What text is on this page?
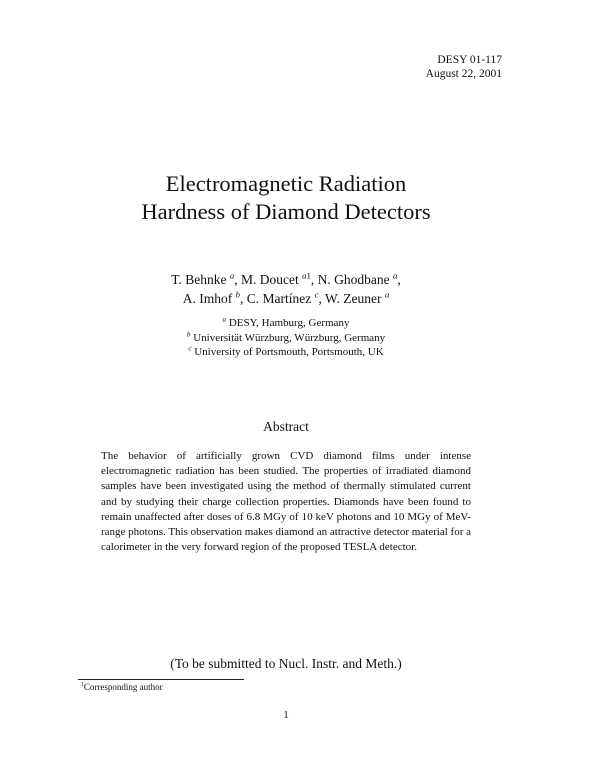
DESY 01-117
August 22, 2001
Electromagnetic Radiation
Hardness of Diamond Detectors
T. Behnke $^a$, M. Doucet $^{a1}$, N. Ghodbane $^a$,
A. Imhof $^b$, C. Martínez $^c$, W. Zeuner $^a$
$^a$ DESY, Hamburg, Germany
$^b$ Universität Würzburg, Würzburg, Germany
$^c$ University of Portsmouth, Portsmouth, UK
Abstract
The behavior of artificially grown CVD diamond films under intense electromagnetic radiation has been studied. The properties of irradiated diamond samples have been investigated using the method of thermally stimulated current and by studying their charge collection properties. Diamonds have been found to remain unaffected after doses of 6.8 MGy of 10 keV photons and 10 MGy of MeV-range photons. This observation makes diamond an attractive detector material for a calorimeter in the very forward region of the proposed TESLA detector.
(To be submitted to Nucl. Instr. and Meth.)
$^1$Corresponding author
1
